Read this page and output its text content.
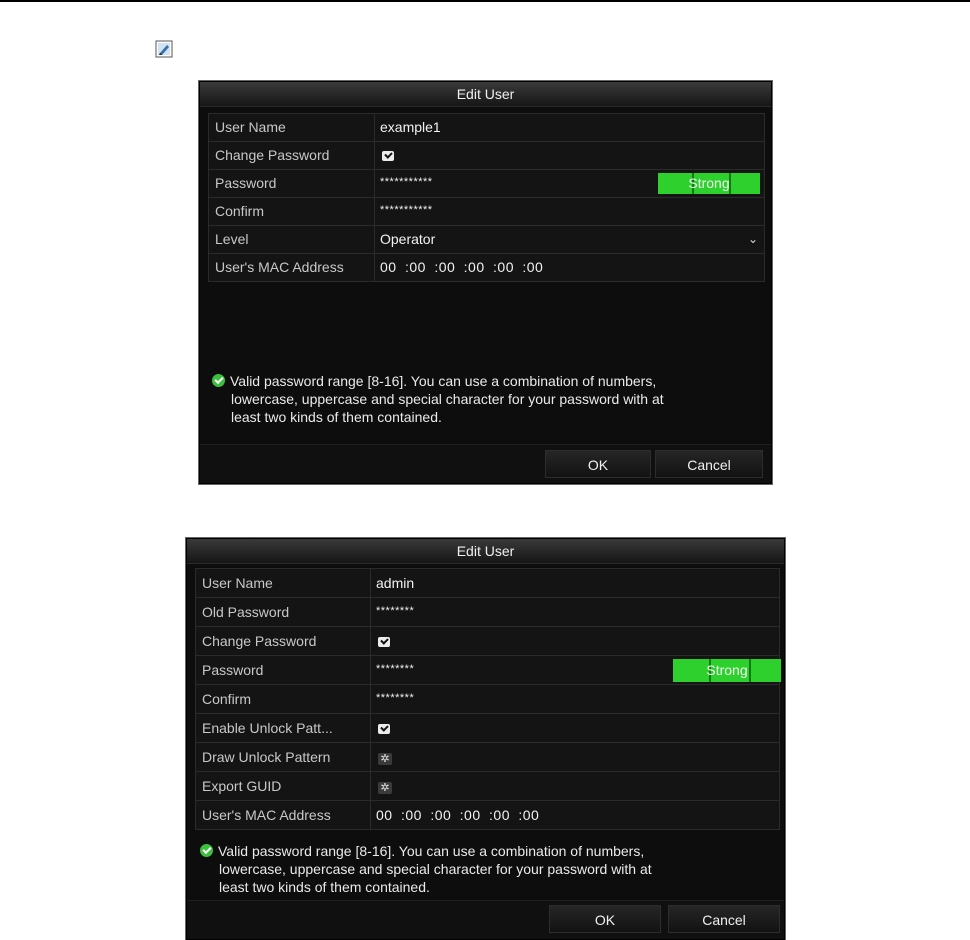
Edit User
User Name	example1
Change Password
Password	***********	Strong
Confirm	***********
Level	Operator	⌄
User's MAC Address	00 :00 :00 :00 :00 :00
Valid password range [8-16]. You can use a combination of numbers,
lowercase, uppercase and special character for your password with at
least two kinds of them contained.
OK	Cancel
Edit User
User Name	admin
Old Password	********
Change Password
Password	********	Strong
Confirm	********
Enable Unlock Patt...
Draw Unlock Pattern	✲
Export GUID	✲
User's MAC Address	00 :00 :00 :00 :00 :00
Valid password range [8-16]. You can use a combination of numbers,
lowercase, uppercase and special character for your password with at
least two kinds of them contained.
OK	Cancel
